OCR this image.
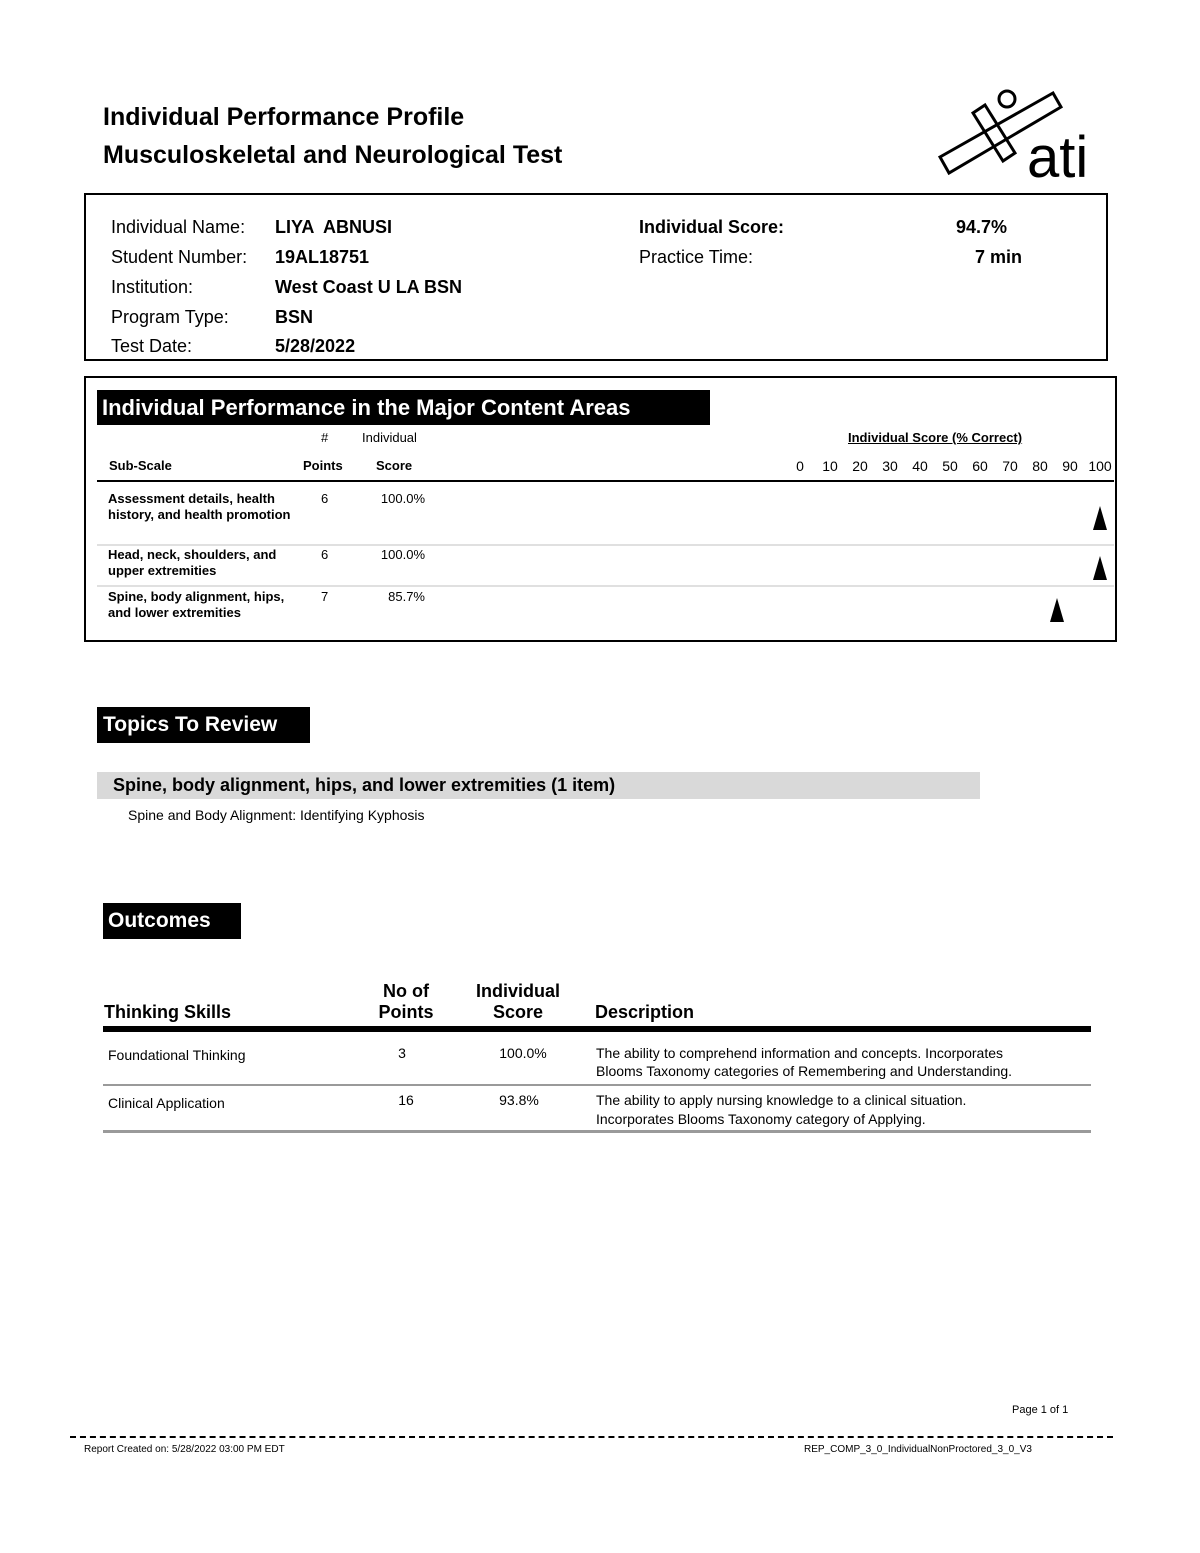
Individual Performance Profile
Musculoskeletal and Neurological Test	ati
Individual Name: LIYA  ABNUSI	Individual Score:	94.7%
Student Number: 19AL18751	Practice Time:	7 min
Institution:	West Coast U LA BSN
Program Type:	BSN
Test Date:	5/28/2022
Individual Performance in the Major Content Areas
#	Individual
Sub-Scale	Points	Score
Individual Score (% Correct)
0	10	20	30	40	50	60	70	80	90 100
Assessment details, health history, and health promotion
6	100.0%
Head, neck, shoulders, and upper extremities
6	100.0%
Spine, body alignment, hips, and lower extremities
7	85.7%
Topics To Review
Spine, body alignment, hips, and lower extremities (1 item)
Spine and Body Alignment: Identifying Kyphosis
Outcomes
Thinking Skills
No of
Points
Individual
Score	Description
Foundational Thinking	3	100.0%	The ability to comprehend information and concepts. Incorporates
Blooms Taxonomy categories of Remembering and Understanding.
Clinical Application	16	93.8%	The ability to apply nursing knowledge to a clinical situation.
Incorporates Blooms Taxonomy category of Applying.
Page 1 of 1
Report Created on: 5/28/2022 03:00 PM EDT	REP_COMP_3_0_IndividualNonProctored_3_0_V3
